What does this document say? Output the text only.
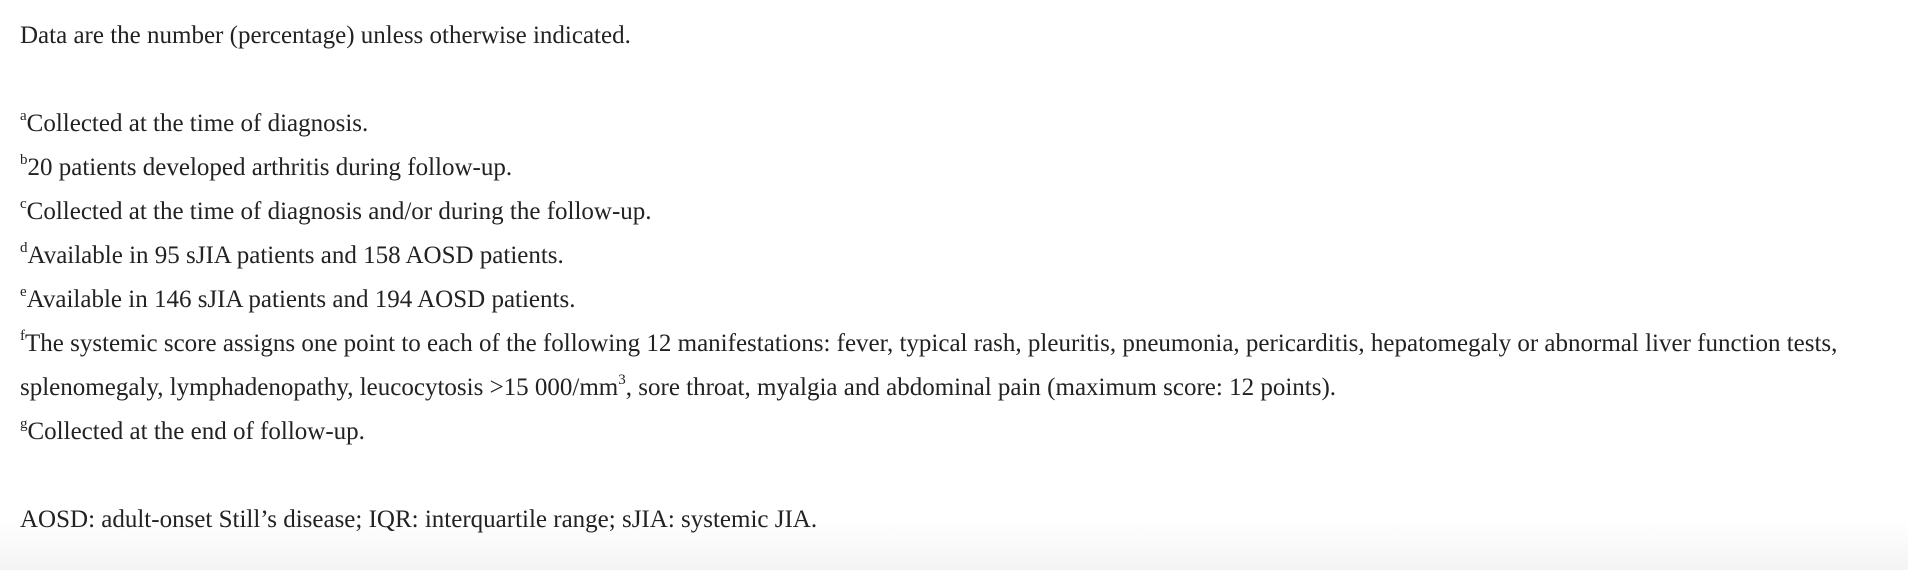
Data are the number (percentage) unless otherwise indicated.

$^a$Collected at the time of diagnosis.

$^b$20 patients developed arthritis during follow-up.

$^c$Collected at the time of diagnosis and/or during the follow-up.

$^d$Available in 95 sJIA patients and 158 AOSD patients.

$^e$Available in 146 sJIA patients and 194 AOSD patients.

$^f$The systemic score assigns one point to each of the following 12 manifestations: fever, typical rash, pleuritis, pneumonia, pericarditis, hepatomegaly or abnormal liver function tests, splenomegaly, lymphadenopathy, leucocytosis >15 $000/mm^3$, sore throat, myalgia and abdominal pain (maximum score: 12 points).

$^g$Collected at the end of follow-up.

AOSD: adult-onset Still’s disease; IQR: interquartile range; sJIA: systemic JIA.
